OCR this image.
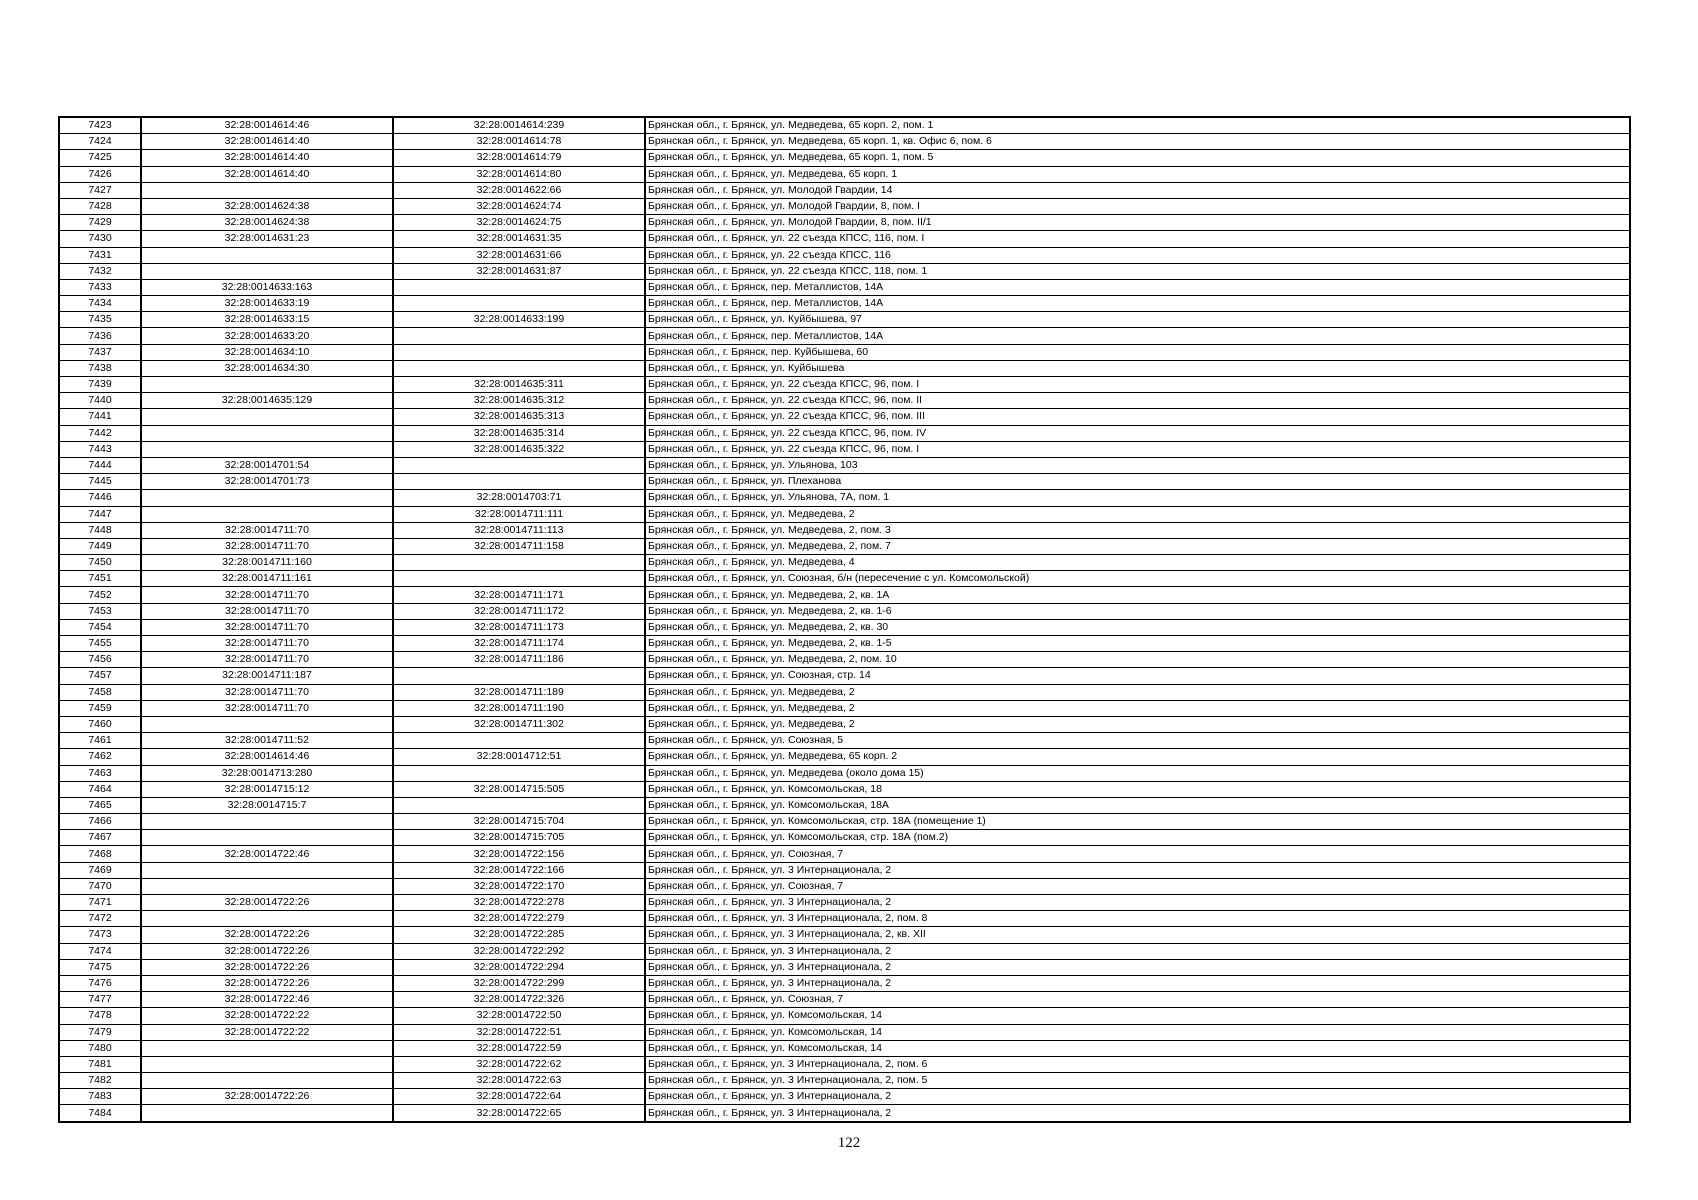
7423	32:28:0014614:46	32:28:0014614:239	Брянская обл., г. Брянск, ул. Медведева, 65 корп. 2, пом. 1
7424	32:28:0014614:40	32:28:0014614:78	Брянская обл., г. Брянск, ул. Медведева, 65 корп. 1, кв. Офис 6, пом. 6
7425	32:28:0014614:40	32:28:0014614:79	Брянская обл., г. Брянск, ул. Медведева, 65 корп. 1, пом. 5
7426	32:28:0014614:40	32:28:0014614:80	Брянская обл., г. Брянск, ул. Медведева, 65 корп. 1
7427		32:28:0014622:66	Брянская обл., г. Брянск, ул. Молодой Гвардии, 14
7428	32:28:0014624:38	32:28:0014624:74	Брянская обл., г. Брянск, ул. Молодой Гвардии, 8, пом. I
7429	32:28:0014624:38	32:28:0014624:75	Брянская обл., г. Брянск, ул. Молодой Гвардии, 8, пом. II/1
7430	32:28:0014631:23	32:28:0014631:35	Брянская обл., г. Брянск, ул. 22 съезда КПСС, 116, пом. I
7431		32:28:0014631:66	Брянская обл., г. Брянск, ул. 22 съезда КПСС, 116
7432		32:28:0014631:87	Брянская обл., г. Брянск, ул. 22 съезда КПСС, 118, пом. 1
7433	32:28:0014633:163		Брянская обл., г. Брянск, пер. Металлистов, 14А
7434	32:28:0014633:19		Брянская обл., г. Брянск, пер. Металлистов, 14А
7435	32:28:0014633:15	32:28:0014633:199	Брянская обл., г. Брянск, ул. Куйбышева, 97
7436	32:28:0014633:20		Брянская обл., г. Брянск, пер. Металлистов, 14А
7437	32:28:0014634:10		Брянская обл., г. Брянск, пер. Куйбышева, 60
7438	32:28:0014634:30		Брянская обл., г. Брянск, ул. Куйбышева
7439		32:28:0014635:311	Брянская обл., г. Брянск, ул. 22 съезда КПСС, 96, пом. I
7440	32:28:0014635:129	32:28:0014635:312	Брянская обл., г. Брянск, ул. 22 съезда КПСС, 96, пом. II
7441		32:28:0014635:313	Брянская обл., г. Брянск, ул. 22 съезда КПСС, 96, пом. III
7442		32:28:0014635:314	Брянская обл., г. Брянск, ул. 22 съезда КПСС, 96, пом. IV
7443		32:28:0014635:322	Брянская обл., г. Брянск, ул. 22 съезда КПСС, 96, пом. I
7444	32:28:0014701:54		Брянская обл., г. Брянск, ул. Ульянова, 103
7445	32:28:0014701:73		Брянская обл., г. Брянск, ул. Плеханова
7446		32:28:0014703:71	Брянская обл., г. Брянск, ул. Ульянова, 7А, пом. 1
7447		32:28:0014711:111	Брянская обл., г. Брянск, ул. Медведева, 2
7448	32:28:0014711:70	32:28:0014711:113	Брянская обл., г. Брянск, ул. Медведева, 2, пом. 3
7449	32:28:0014711:70	32:28:0014711:158	Брянская обл., г. Брянск, ул. Медведева, 2, пом. 7
7450	32:28:0014711:160		Брянская обл., г. Брянск, ул. Медведева, 4
7451	32:28:0014711:161		Брянская обл., г. Брянск, ул. Союзная, б/н (пересечение с ул. Комсомольской)
7452	32:28:0014711:70	32:28:0014711:171	Брянская обл., г. Брянск, ул. Медведева, 2, кв. 1А
7453	32:28:0014711:70	32:28:0014711:172	Брянская обл., г. Брянск, ул. Медведева, 2, кв. 1-6
7454	32:28:0014711:70	32:28:0014711:173	Брянская обл., г. Брянск, ул. Медведева, 2, кв. 30
7455	32:28:0014711:70	32:28:0014711:174	Брянская обл., г. Брянск, ул. Медведева, 2, кв. 1-5
7456	32:28:0014711:70	32:28:0014711:186	Брянская обл., г. Брянск, ул. Медведева, 2, пом. 10
7457	32:28:0014711:187		Брянская обл., г. Брянск, ул. Союзная, стр. 14
7458	32:28:0014711:70	32:28:0014711:189	Брянская обл., г. Брянск, ул. Медведева, 2
7459	32:28:0014711:70	32:28:0014711:190	Брянская обл., г. Брянск, ул. Медведева, 2
7460		32:28:0014711:302	Брянская обл., г. Брянск, ул. Медведева, 2
7461	32:28:0014711:52		Брянская обл., г. Брянск, ул. Союзная, 5
7462	32:28:0014614:46	32:28:0014712:51	Брянская обл., г. Брянск, ул. Медведева, 65 корп. 2
7463	32:28:0014713:280		Брянская обл., г. Брянск, ул. Медведева (около дома 15)
7464	32:28:0014715:12	32:28:0014715:505	Брянская обл., г. Брянск, ул. Комсомольская, 18
7465	32:28:0014715:7		Брянская обл., г. Брянск, ул. Комсомольская, 18А
7466		32:28:0014715:704	Брянская обл., г. Брянск, ул. Комсомольская, стр. 18А (помещение 1)
7467		32:28:0014715:705	Брянская обл., г. Брянск, ул. Комсомольская, стр. 18А (пом.2)
7468	32:28:0014722:46	32:28:0014722:156	Брянская обл., г. Брянск, ул. Союзная, 7
7469		32:28:0014722:166	Брянская обл., г. Брянск, ул. 3 Интернационала, 2
7470		32:28:0014722:170	Брянская обл., г. Брянск, ул. Союзная, 7
7471	32:28:0014722:26	32:28:0014722:278	Брянская обл., г. Брянск, ул. 3 Интернационала, 2
7472		32:28:0014722:279	Брянская обл., г. Брянск, ул. 3 Интернационала, 2, пом. 8
7473	32:28:0014722:26	32:28:0014722:285	Брянская обл., г. Брянск, ул. 3 Интернационала, 2, кв. XII
7474	32:28:0014722:26	32:28:0014722:292	Брянская обл., г. Брянск, ул. 3 Интернационала, 2
7475	32:28:0014722:26	32:28:0014722:294	Брянская обл., г. Брянск, ул. 3 Интернационала, 2
7476	32:28:0014722:26	32:28:0014722:299	Брянская обл., г. Брянск, ул. 3 Интернационала, 2
7477	32:28:0014722:46	32:28:0014722:326	Брянская обл., г. Брянск, ул. Союзная, 7
7478	32:28:0014722:22	32:28:0014722:50	Брянская обл., г. Брянск, ул. Комсомольская, 14
7479	32:28:0014722:22	32:28:0014722:51	Брянская обл., г. Брянск, ул. Комсомольская, 14
7480		32:28:0014722:59	Брянская обл., г. Брянск, ул. Комсомольская, 14
7481		32:28:0014722:62	Брянская обл., г. Брянск, ул. 3 Интернационала, 2, пом. 6
7482		32:28:0014722:63	Брянская обл., г. Брянск, ул. 3 Интернационала, 2, пом. 5
7483	32:28:0014722:26	32:28:0014722:64	Брянская обл., г. Брянск, ул. 3 Интернационала, 2
7484		32:28:0014722:65	Брянская обл., г. Брянск, ул. 3 Интернационала, 2
122
